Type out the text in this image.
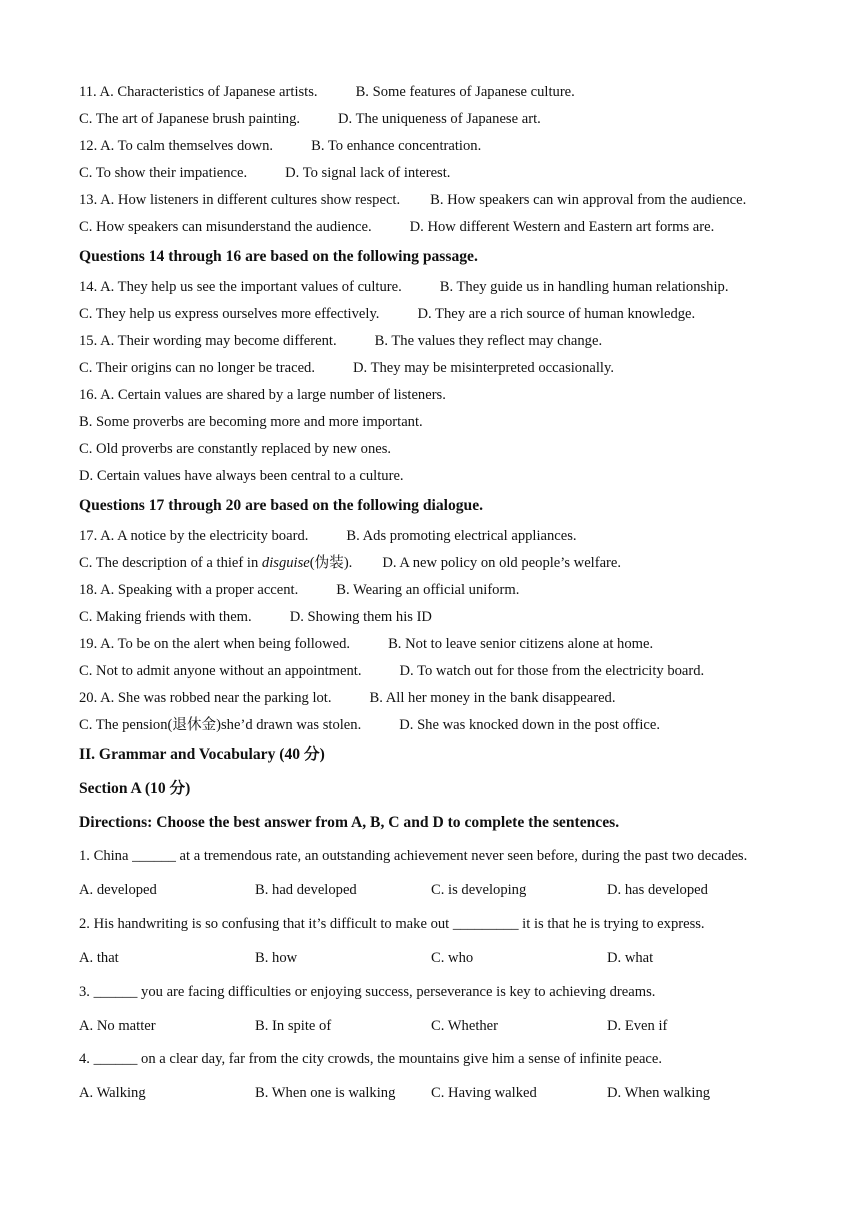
11. A. Characteristics of Japanese artists.	B. Some features of Japanese culture.
C. The art of Japanese brush painting.	D. The uniqueness of Japanese art.
12. A. To calm themselves down.	B. To enhance concentration.
C. To show their impatience.	D. To signal lack of interest.
13. A. How listeners in different cultures show respect. B. How speakers can win approval from the audience.
C. How speakers can misunderstand the audience.	D. How different Western and Eastern art forms are.
Questions 14 through 16 are based on the following passage.
14. A. They help us see the important values of culture.	B. They guide us in handling human relationship.
C. They help us express ourselves more effectively.	D. They are a rich source of human knowledge.
15. A. Their wording may become different.	B. The values they reflect may change.
C. Their origins can no longer be traced.	D. They may be misinterpreted occasionally.
16. A. Certain values are shared by a large number of listeners.
B. Some proverbs are becoming more and more important.
C. Old proverbs are constantly replaced by new ones.
D. Certain values have always been central to a culture.
Questions 17 through 20 are based on the following dialogue.
17. A. A notice by the electricity board.	B. Ads promoting electrical appliances.
C. The description of a thief in disguise(伪装). D. A new policy on old people’s welfare.
18. A. Speaking with a proper accent.	B. Wearing an official uniform.
C. Making friends with them.	D. Showing them his ID
19. A. To be on the alert when being followed.	B. Not to leave senior citizens alone at home.
C. Not to admit anyone without an appointment.	D. To watch out for those from the electricity board.
20. A. She was robbed near the parking lot.	B. All her money in the bank disappeared.
C. The pension(退休金)she’d drawn was stolen.	D. She was knocked down in the post office.
II. Grammar and Vocabulary (40 分)
Section A (10 分)
Directions: Choose the best answer from A, B, C and D to complete the sentences.
1. China ______ at a tremendous rate, an outstanding achievement never seen before, during the past two decades.
A. developed	B. had developed	C. is developing	D. has developed
2. His handwriting is so confusing that it’s difficult to make out _________ it is that he is trying to express.
A. that	B. how	C. who	D. what
3. ______ you are facing difficulties or enjoying success, perseverance is key to achieving dreams.
A. No matter	B. In spite of	C. Whether	D. Even if
4. ______ on a clear day, far from the city crowds, the mountains give him a sense of infinite peace.
A. Walking	B. When one is walking C. Having walked	D. When walking
